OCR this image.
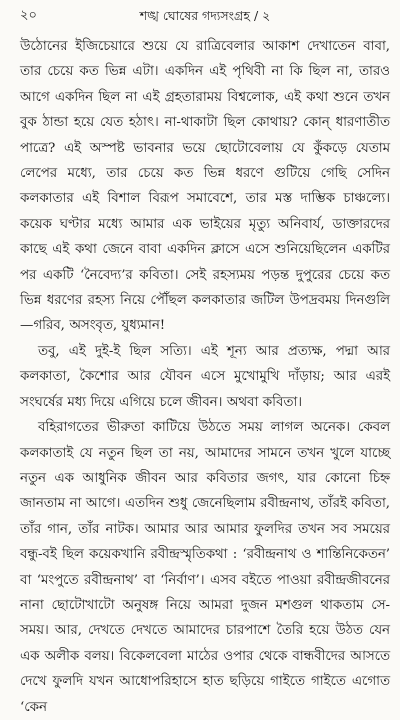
২০	শঙ্খ ঘোষের গদ্যসংগ্রহ / ২

উঠোনের ইজিচেয়ারে শুয়ে যে রাত্রিবেলার আকাশ দেখাতেন বাবা, তার চেয়ে কত ভিন্ন এটা। একদিন এই পৃথিবী না কি ছিল না, তারও আগে একদিন ছিল না এই গ্রহতারাময় বিশ্বলোক, এই কথা শুনে তখন বুক ঠান্ডা হয়ে যেত হঠাৎ। না-থাকাটা ছিল কোথায়? কোন্ ধারণাতীত পাত্রে? এই অস্পষ্ট ভাবনার ভয়ে ছোটোবেলায় যে কুঁকড়ে যেতাম লেপের মধ্যে, তার চেয়ে কত ভিন্ন ধরণে গুটিয়ে গেছি সেদিন কলকাতার এই বিশাল বিরূপ সমাবেশে, তার মস্ত দাম্ভিক চাঞ্চল্যে। কয়েক ঘণ্টার মধ্যে আমার এক ভাইয়ের মৃত্যু অনিবার্য, ডাক্তারদের কাছে এই কথা জেনে বাবা একদিন ক্লাসে এসে শুনিয়েছিলেন একটির পর একটি ‘নৈবেদ্য’র কবিতা। সেই রহস্যময় পড়ন্ত দুপুরের চেয়ে কত ভিন্ন ধরণের রহস্য নিয়ে পৌঁছল কলকাতার জটিল উপদ্রবময় দিনগুলি —গরিব, অসংবৃত, যুধ্যমান!

তবু, এই দুই-ই ছিল সত্যি। এই শূন্য আর প্রত্যক্ষ, পদ্মা আর কলকাতা, কৈশোর আর যৌবন এসে মুখোমুখি দাঁড়ায়; আর এরই সংঘর্ষের মধ্য দিয়ে এগিয়ে চলে জীবন। অথবা কবিতা।

বহিরাগতের ভীরুতা কাটিয়ে উঠতে সময় লাগল অনেক। কেবল কলকাতাই যে নতুন ছিল তা নয়, আমাদের সামনে তখন খুলে যাচ্ছে নতুন এক আধুনিক জীবন আর কবিতার জগৎ, যার কোনো চিহ্ন জানতাম না আগে। এতদিন শুধু জেনেছিলাম রবীন্দ্রনাথ, তাঁরই কবিতা, তাঁর গান, তাঁর নাটক। আমার আর আমার ফুলদির তখন সব সময়ের বন্ধু-বই ছিল কয়েকখানি রবীন্দ্রস্মৃতিকথা : ‘রবীন্দ্রনাথ ও শান্তিনিকেতন’ বা ‘মংপুতে রবীন্দ্রনাথ’ বা ‘নির্বাণ’। এসব বইতে পাওয়া রবীন্দ্রজীবনের নানা ছোটোখাটো অনুষঙ্গ নিয়ে আমরা দুজন মশগুল থাকতাম সে-সময়। আর, দেখতে দেখতে আমাদের চারপাশে তৈরি হয়ে উঠত যেন এক অলীক বলয়। বিকেলবেলা মাঠের ওপার থেকে বান্ধবীদের আসতে দেখে ফুলদি যখন আধোপরিহাসে হাত ছড়িয়ে গাইতে গাইতে এগোত ‘কেন
